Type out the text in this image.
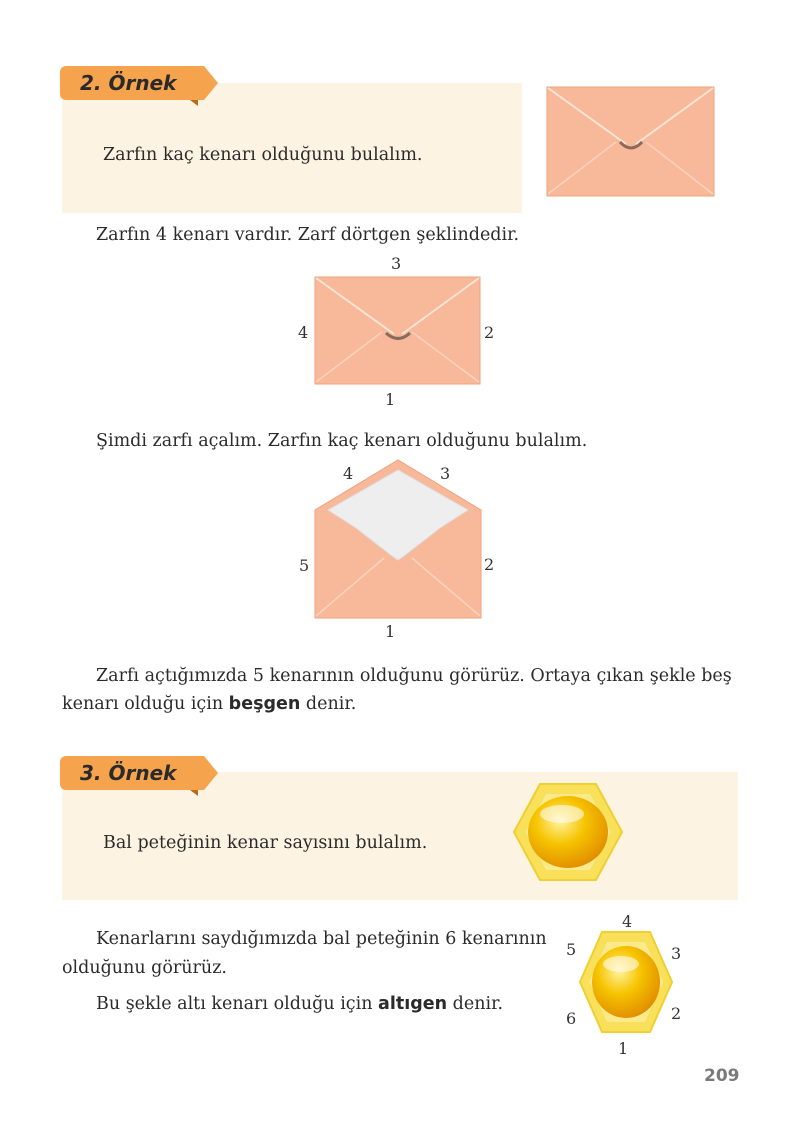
2. Örnek
Zarfın kaç kenarı olduğunu bulalım.
Zarfın 4 kenarı vardır. Zarf dörtgen şeklindedir.
3
4	2
1
Şimdi zarfı açalım. Zarfın kaç kenarı olduğunu bulalım.
4	3
5	2
1
Zarfı açtığımızda 5 kenarının olduğunu görürüz. Ortaya çıkan şekle beş
kenarı olduğu için beşgen denir.
3. Örnek
Bal peteğinin kenar sayısını bulalım.
Kenarlarını saydığımızda bal peteğinin 6 kenarının
olduğunu görürüz.
Bu şekle altı kenarı olduğu için altıgen denir.
4
5	3
2
6
1
209
